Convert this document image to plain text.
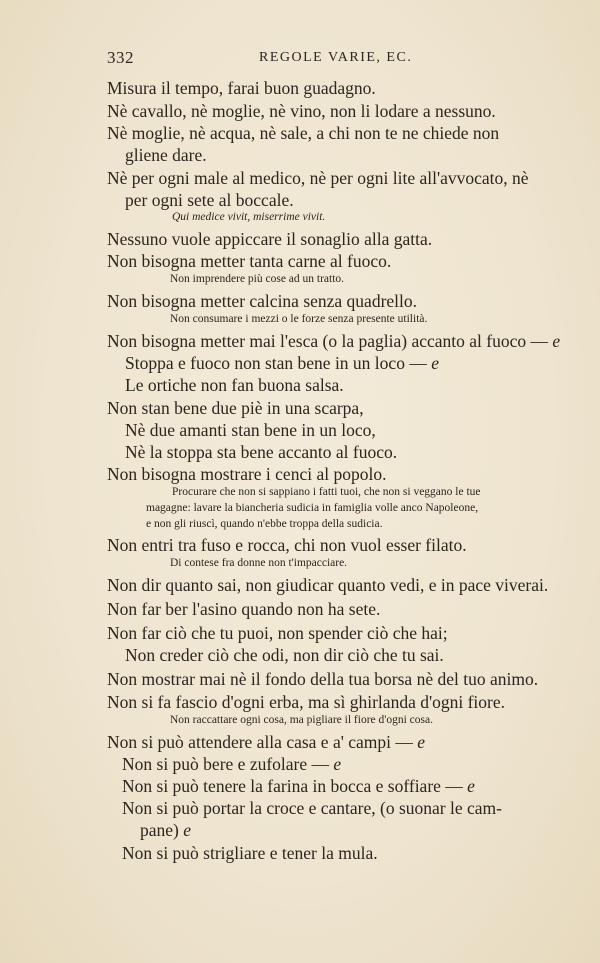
332	REGOLE VARIE, EC.
Misura il tempo, farai buon guadagno.
Nè cavallo, nè moglie, nè vino, non li lodare a nessuno.
Nè moglie, nè acqua, nè sale, a chi non te ne chiede non
gliene dare.
Nè per ogni male al medico, nè per ogni lite all'avvocato, nè
per ogni sete al boccale.
Qui medice vivit, miserrime vivit.
Nessuno vuole appiccare il sonaglio alla gatta.
Non bisogna metter tanta carne al fuoco.
Non imprendere più cose ad un tratto.
Non bisogna metter calcina senza quadrello.
Non consumare i mezzi o le forze senza presente utilità.
Non bisogna metter mai l'esca (o la paglia) accanto al fuoco — e
Stoppa e fuoco non stan bene in un loco — e
Le ortiche non fan buona salsa.
Non stan bene due piè in una scarpa,
Nè due amanti stan bene in un loco,
Nè la stoppa sta bene accanto al fuoco.
Non bisogna mostrare i cenci al popolo.
Procurare che non si sappiano i fatti tuoi, che non si veggano le tue
magagne: lavare la biancheria sudicia in famiglia volle anco Napoleone,
e non gli riuscì, quando n'ebbe troppa della sudicia.
Non entri tra fuso e rocca, chi non vuol esser filato.
Di contese fra donne non t'impacciare.
Non dir quanto sai, non giudicar quanto vedi, e in pace viverai.
Non far ber l'asino quando non ha sete.
Non far ciò che tu puoi, non spender ciò che hai;
Non creder ciò che odi, non dir ciò che tu sai.
Non mostrar mai nè il fondo della tua borsa nè del tuo animo.
Non si fa fascio d'ogni erba, ma sì ghirlanda d'ogni fiore.
Non raccattare ogni cosa, ma pigliare il fiore d'ogni cosa.
Non si può attendere alla casa e a' campi — e
Non si può bere e zufolare — e
Non si può tenere la farina in bocca e soffiare — e
Non si può portar la croce e cantare, (o suonar le cam-
pane) e
Non si può strigliare e tener la mula.
